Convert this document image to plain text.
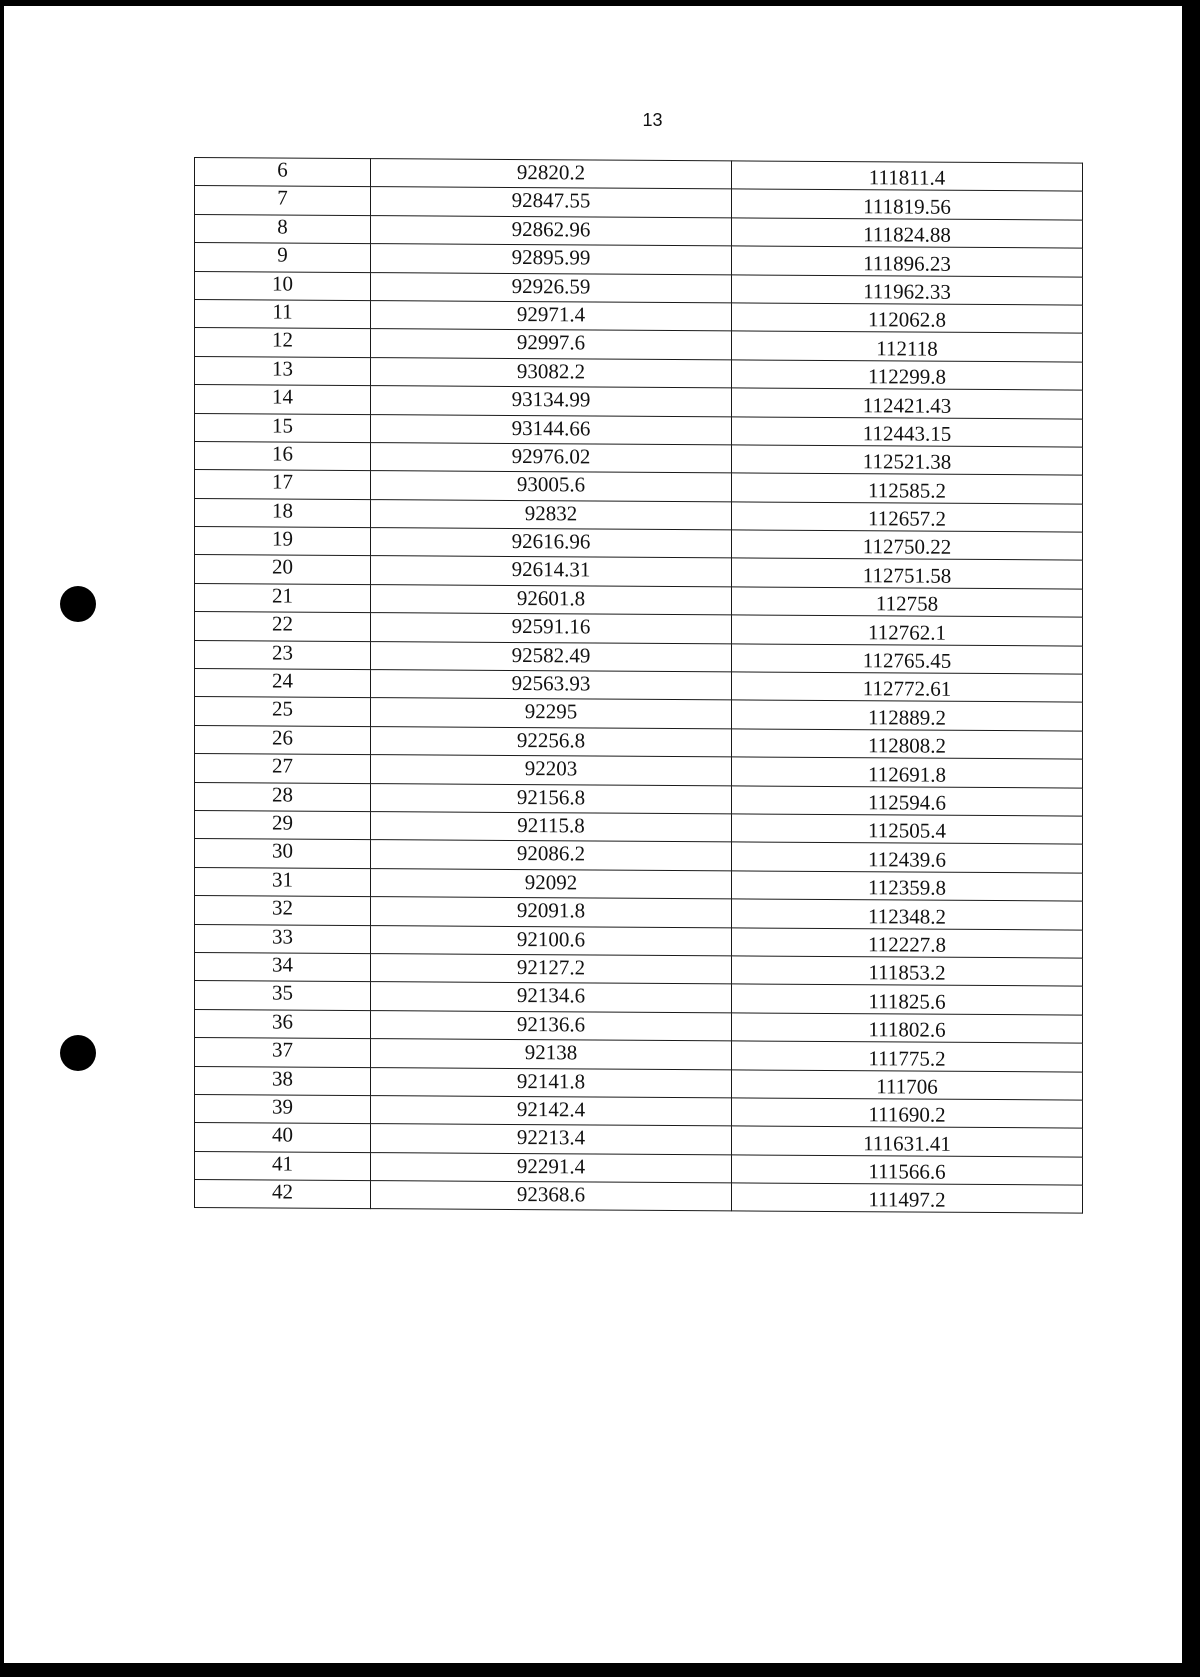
13
6	92820.2	111811.4
7	92847.55	111819.56
8	92862.96	111824.88
9	92895.99	111896.23
10	92926.59	111962.33
11	92971.4	112062.8
12	92997.6	112118
13	93082.2	112299.8
14	93134.99	112421.43
15	93144.66	112443.15
16	92976.02	112521.38
17	93005.6	112585.2
18	92832	112657.2
19	92616.96	112750.22
20	92614.31	112751.58
21	92601.8	112758
22	92591.16	112762.1
23	92582.49	112765.45
24	92563.93	112772.61
25	92295	112889.2
26	92256.8	112808.2
27	92203	112691.8
28	92156.8	112594.6
29	92115.8	112505.4
30	92086.2	112439.6
31	92092	112359.8
32	92091.8	112348.2
33	92100.6	112227.8
34	92127.2	111853.2
35	92134.6	111825.6
36	92136.6	111802.6
37	92138	111775.2
38	92141.8	111706
39	92142.4	111690.2
40	92213.4	111631.41
41	92291.4	111566.6
42	92368.6	111497.2
